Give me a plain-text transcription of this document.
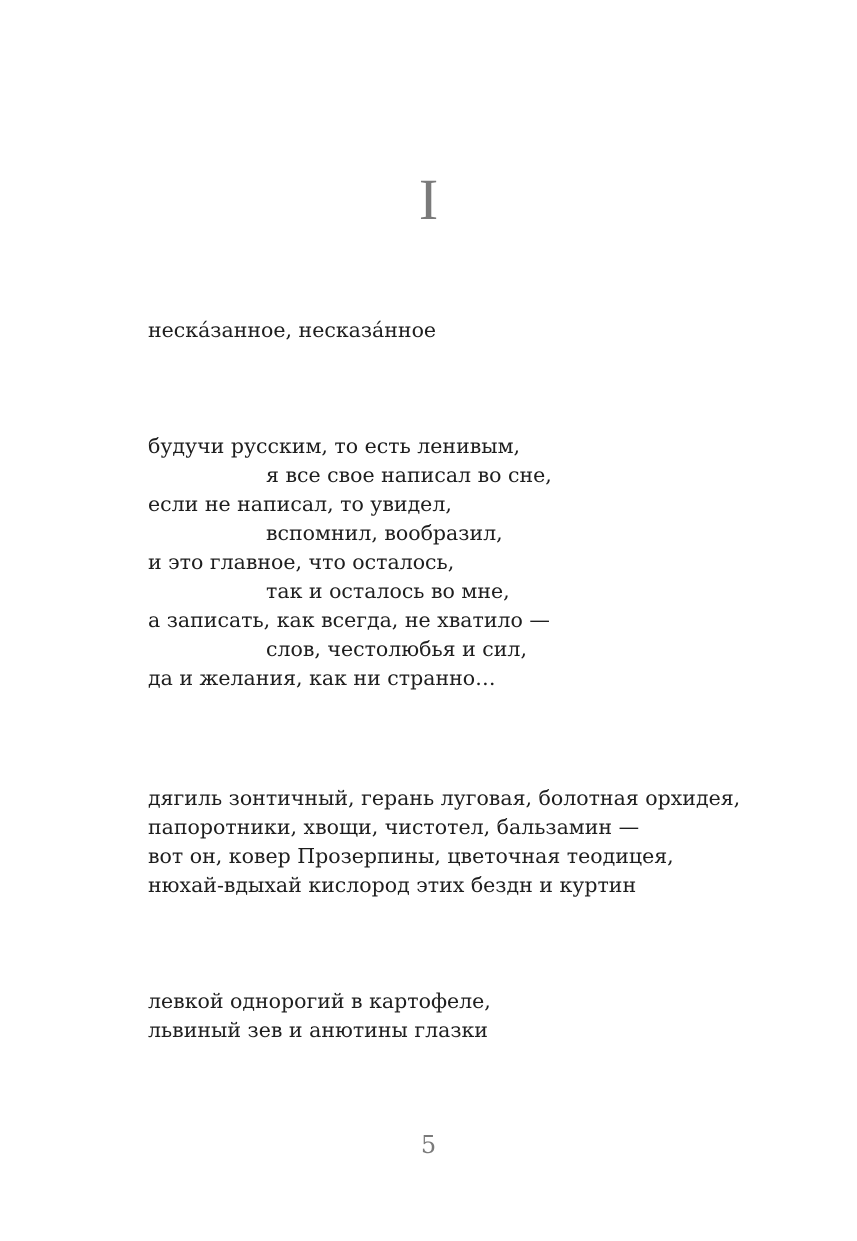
I
неска́занное, несказа́нное
будучи русским, то есть ленивым,
я все свое написал во сне,
если не написал, то увидел,
вспомнил, вообразил,
и это главное, что осталось,
так и осталось во мне,
а записать, как всегда, не хватило —
слов, честолюбья и сил,
да и желания, как ни странно…
дягиль зонтичный, герань луговая, болотная орхидея,
папоротники, хвощи, чистотел, бальзамин —
вот он, ковер Прозерпины, цветочная теодицея,
нюхай-вдыхай кислород этих бездн и куртин
левкой однорогий в картофеле,
львиный зев и анютины глазки
5
